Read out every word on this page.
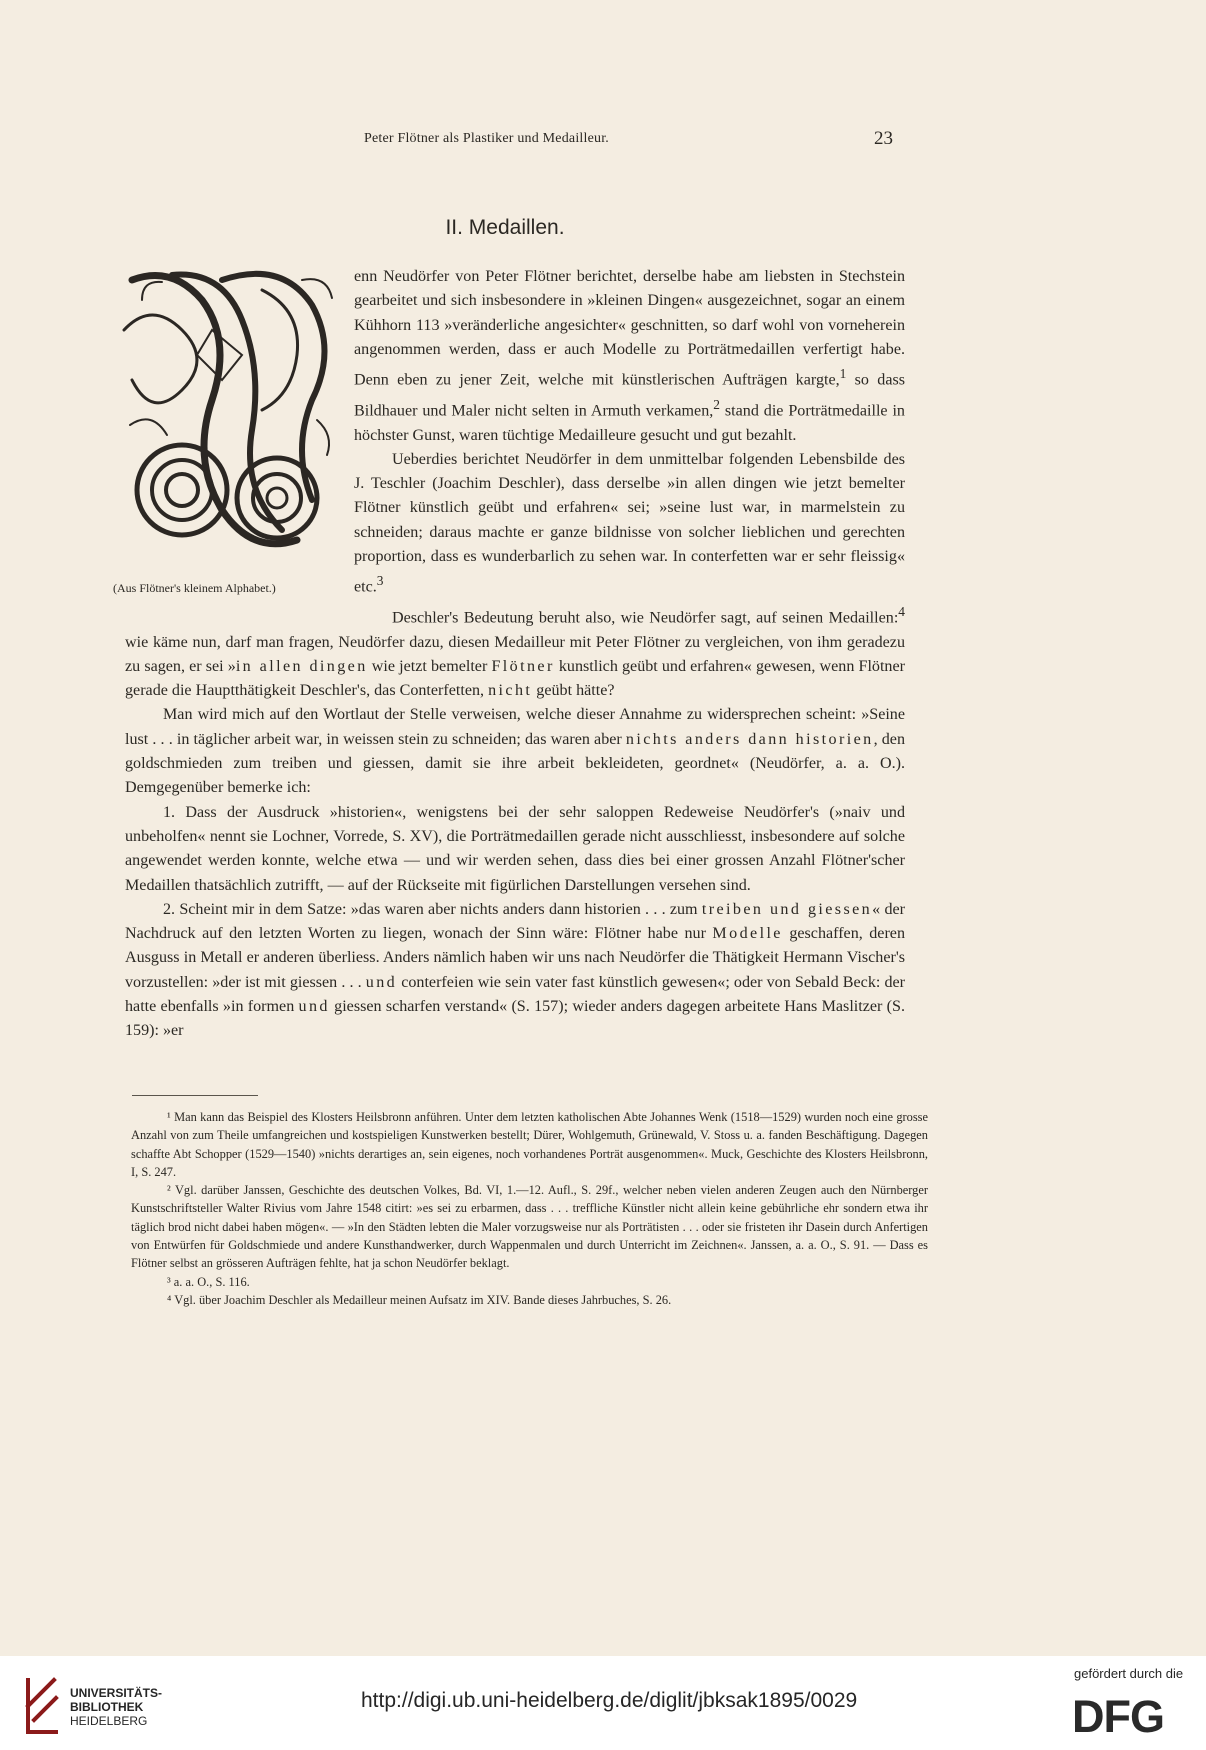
Peter Flötner als Plastiker und Medailleur.	23
II. Medaillen.
(Aus Flötner's kleinem Alphabet.)

enn Neudörfer von Peter Flötner berichtet, derselbe habe am liebsten in Stechstein gearbeitet und sich insbesondere in »kleinen Dingen« ausgezeichnet, sogar an einem Kühhorn 113 »veränderliche angesichter« geschnitten, so darf wohl von vorneherein angenommen werden, dass er auch Modelle zu Porträtmedaillen verfertigt habe. Denn eben zu jener Zeit, welche mit künstlerischen Aufträgen kargte,$^1$ so dass Bildhauer und Maler nicht selten in Armuth verkamen,$^2$ stand die Porträtmedaille in höchster Gunst, waren tüchtige Medailleure gesucht und gut bezahlt.

Ueberdies berichtet Neudörfer in dem unmittelbar folgenden Lebensbilde des J. Teschler (Joachim Deschler), dass derselbe »in allen dingen wie jetzt bemelter Flötner künstlich geübt und erfahren« sei; »seine lust war, in marmelstein zu schneiden; daraus machte er ganze bildnisse von solcher lieblichen und gerechten proportion, dass es wunderbarlich zu sehen war. In conterfetten war er sehr fleissig« etc.$^3$

Deschler's Bedeutung beruht also, wie Neudörfer sagt, auf seinen Medaillen:$^4$ wie käme nun, darf man fragen, Neudörfer dazu, diesen Medailleur mit Peter Flötner zu vergleichen, von ihm geradezu zu sagen, er sei »in allen dingen wie jetzt bemelter Flötner kunstlich geübt und erfahren« gewesen, wenn Flötner gerade die Hauptthätigkeit Deschler's, das Conterfetten, nicht geübt hätte?

Man wird mich auf den Wortlaut der Stelle verweisen, welche dieser Annahme zu widersprechen scheint: »Seine lust . . . in täglicher arbeit war, in weissen stein zu schneiden; das waren aber nichts anders dann historien, den goldschmieden zum treiben und giessen, damit sie ihre arbeit bekleideten, geordnet« (Neudörfer, a. a. O.). Demgegenüber bemerke ich:

1. Dass der Ausdruck »historien«, wenigstens bei der sehr saloppen Redeweise Neudörfer's (»naiv und unbeholfen« nennt sie Lochner, Vorrede, S. XV), die Porträtmedaillen gerade nicht ausschliesst, insbesondere auf solche angewendet werden konnte, welche etwa — und wir werden sehen, dass dies bei einer grossen Anzahl Flötner'scher Medaillen thatsächlich zutrifft, — auf der Rückseite mit figürlichen Darstellungen versehen sind.

2. Scheint mir in dem Satze: »das waren aber nichts anders dann historien . . . zum treiben und giessen« der Nachdruck auf den letzten Worten zu liegen, wonach der Sinn wäre: Flötner habe nur Modelle geschaffen, deren Ausguss in Metall er anderen überliess. Anders nämlich haben wir uns nach Neudörfer die Thätigkeit Hermann Vischer's vorzustellen: »der ist mit giessen . . . und conterfeien wie sein vater fast künstlich gewesen«; oder von Sebald Beck: der hatte ebenfalls »in formen und giessen scharfen verstand« (S. 157); wieder anders dagegen arbeitete Hans Maslitzer (S. 159): »er

¹ Man kann das Beispiel des Klosters Heilsbronn anführen. Unter dem letzten katholischen Abte Johannes Wenk (1518—1529) wurden noch eine grosse Anzahl von zum Theile umfangreichen und kostspieligen Kunstwerken bestellt; Dürer, Wohlgemuth, Grünewald, V. Stoss u. a. fanden Beschäftigung. Dagegen schaffte Abt Schopper (1529—1540) »nichts derartiges an, sein eigenes, noch vorhandenes Porträt ausgenommen«. Muck, Geschichte des Klosters Heilsbronn, I, S. 247.

² Vgl. darüber Janssen, Geschichte des deutschen Volkes, Bd. VI, 1.—12. Aufl., S. 29f., welcher neben vielen anderen Zeugen auch den Nürnberger Kunstschriftsteller Walter Rivius vom Jahre 1548 citirt: »es sei zu erbarmen, dass . . . treffliche Künstler nicht allein keine gebührliche ehr sondern etwa ihr täglich brod nicht dabei haben mögen«. — »In den Städten lebten die Maler vorzugsweise nur als Porträtisten . . . oder sie fristeten ihr Dasein durch Anfertigen von Entwürfen für Goldschmiede und andere Kunsthandwerker, durch Wappenmalen und durch Unterricht im Zeichnen«. Janssen, a. a. O., S. 91. — Dass es Flötner selbst an grösseren Aufträgen fehlte, hat ja schon Neudörfer beklagt.

³ a. a. O., S. 116.

⁴ Vgl. über Joachim Deschler als Medailleur meinen Aufsatz im XIV. Bande dieses Jahrbuches, S. 26.

UNIVERSITÄTS-
BIBLIOTHEK
HEIDELBERG
http://digi.ub.uni-heidelberg.de/diglit/jbksak1895/0029
gefördert durch die
DFG
